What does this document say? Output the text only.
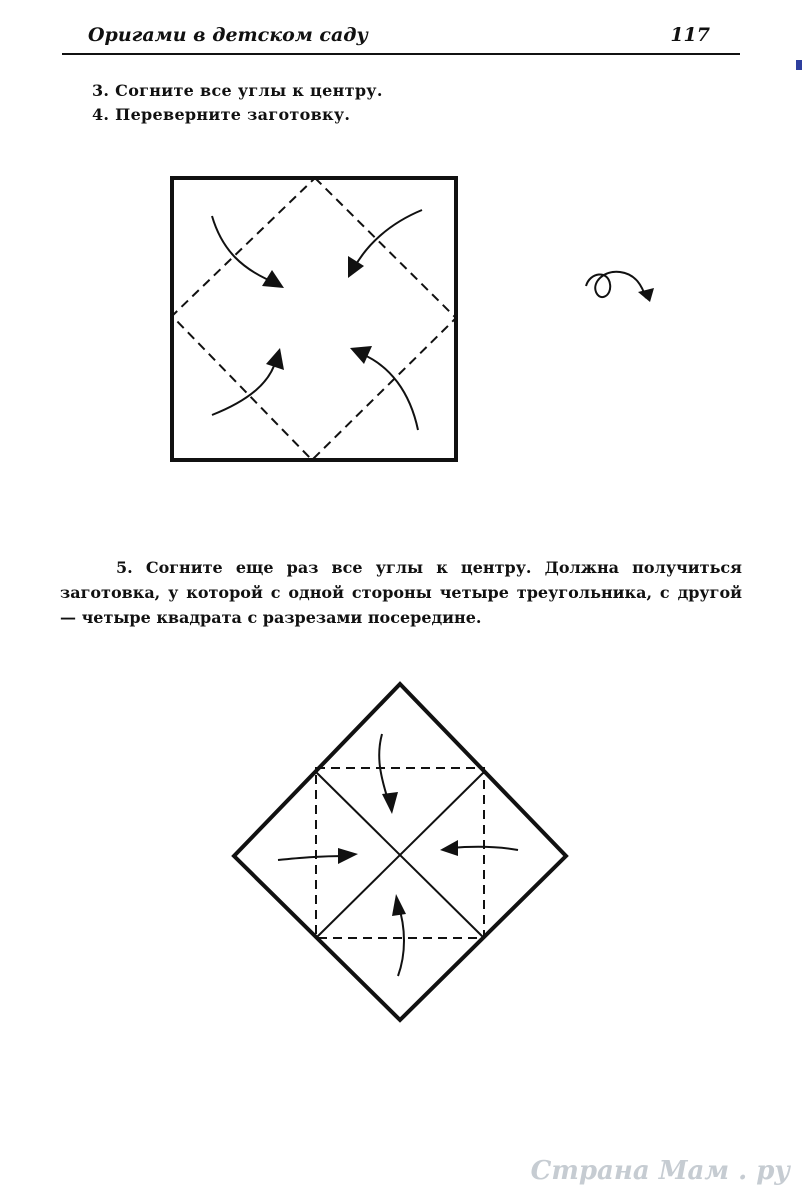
Оригами в детском саду	117
3. Согните все углы к центру.
4. Переверните заготовку.
5. Согните еще раз все углы к центру. Должна получиться заготовка, у которой с одной стороны четыре треугольника, с другой — четыре квадрата с разрезами посередине.
Страна Мам . ру
